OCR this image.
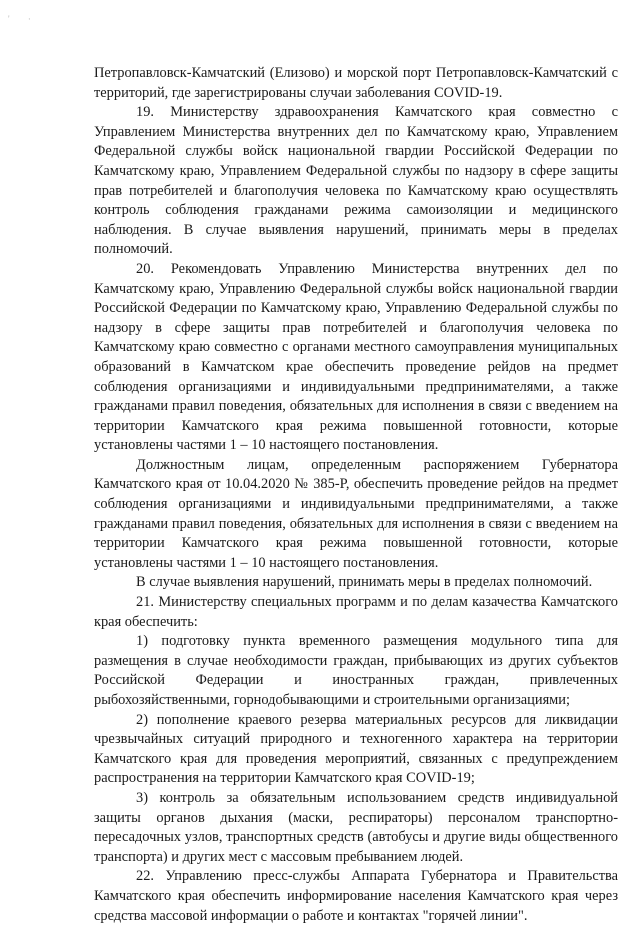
' ·

Петропавловск-Камчатский (Елизово) и морской порт Петропавловск-Камчатский с территорий, где зарегистрированы случаи заболевания COVID-19.

19. Министерству здравоохранения Камчатского края совместно с Управлением Министерства внутренних дел по Камчатскому краю, Управлением Федеральной службы войск национальной гвардии Российской Федерации по Камчатскому краю, Управлением Федеральной службы по надзору в сфере защиты прав потребителей и благополучия человека по Камчатскому краю осуществлять контроль соблюдения гражданами режима самоизоляции и медицинского наблюдения. В случае выявления нарушений, принимать меры в пределах полномочий.

20. Рекомендовать Управлению Министерства внутренних дел по Камчатскому краю, Управлению Федеральной службы войск национальной гвардии Российской Федерации по Камчатскому краю, Управлению Федеральной службы по надзору в сфере защиты прав потребителей и благополучия человека по Камчатскому краю совместно с органами местного самоуправления муниципальных образований в Камчатском крае обеспечить проведение рейдов на предмет соблюдения организациями и индивидуальными предпринимателями, а также гражданами правил поведения, обязательных для исполнения в связи с введением на территории Камчатского края режима повышенной готовности, которые установлены частями 1 – 10 настоящего постановления.

Должностным лицам, определенным распоряжением Губернатора Камчатского края от 10.04.2020 № 385-Р, обеспечить проведение рейдов на предмет соблюдения организациями и индивидуальными предпринимателями, а также гражданами правил поведения, обязательных для исполнения в связи с введением на территории Камчатского края режима повышенной готовности, которые установлены частями 1 – 10 настоящего постановления.

В случае выявления нарушений, принимать меры в пределах полномочий.

21. Министерству специальных программ и по делам казачества Камчатского края обеспечить:

1) подготовку пункта временного размещения модульного типа для размещения в случае необходимости граждан, прибывающих из других субъектов Российской Федерации и иностранных граждан, привлеченных рыбохозяйственными, горнодобывающими и строительными организациями;

2) пополнение краевого резерва материальных ресурсов для ликвидации чрезвычайных ситуаций природного и техногенного характера на территории Камчатского края для проведения мероприятий, связанных с предупреждением распространения на территории Камчатского края COVID-19;

3) контроль за обязательным использованием средств индивидуальной защиты органов дыхания (маски, респираторы) персоналом транспортно-пересадочных узлов, транспортных средств (автобусы и другие виды общественного транспорта) и других мест с массовым пребыванием людей.

22. Управлению пресс-службы Аппарата Губернатора и Правительства Камчатского края обеспечить информирование населения Камчатского края через средства массовой информации о работе и контактах "горячей линии".
